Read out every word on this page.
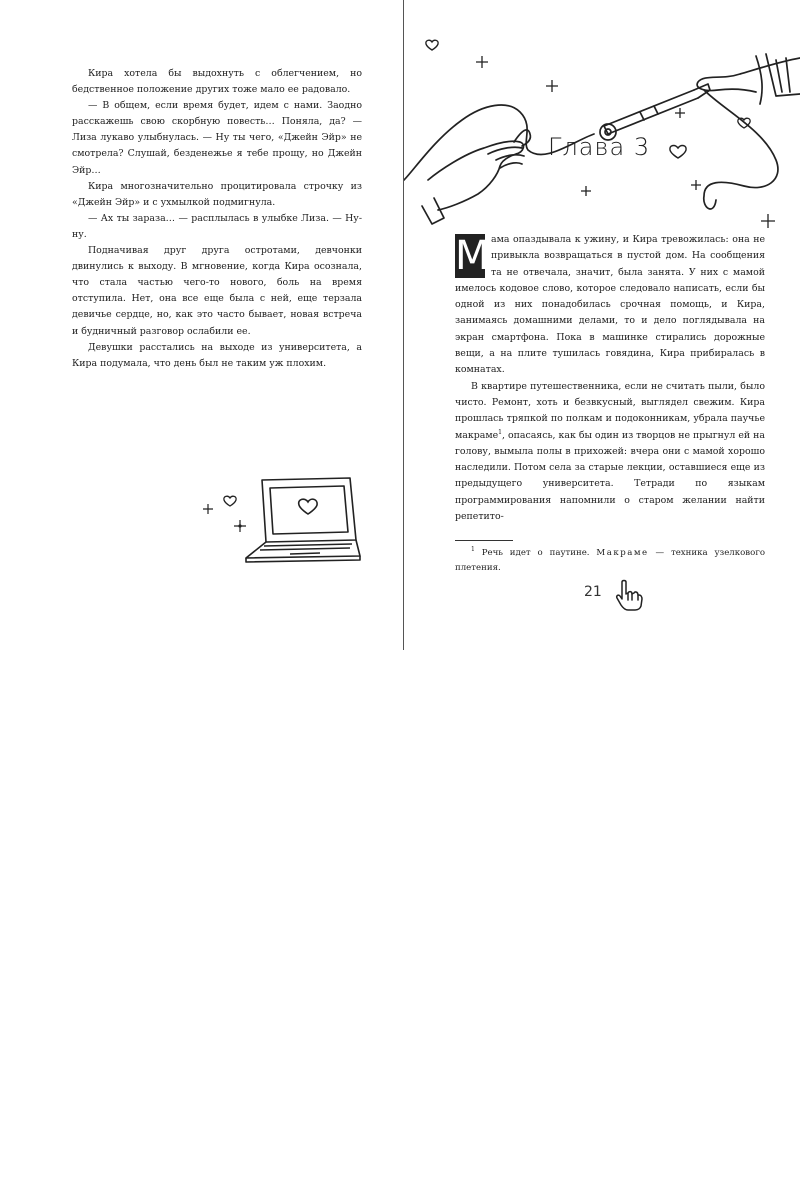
Кира хотела бы выдохнуть с облегчением, но бедственное положение других тоже мало ее радовало.

— В общем, если время будет, идем с нами. Заодно расскажешь свою скорбную повесть… Поняла, да? — Лиза лукаво улыбнулась. — Ну ты чего, «Джейн Эйр» не смотрела? Слушай, безденежье я тебе прощу, но Джейн Эйр…

Кира многозначительно процитировала строчку из «Джейн Эйр» и с ухмылкой подмигнула.

— Ах ты зараза… — расплылась в улыбке Лиза. — Ну-ну.

Подначивая друг друга остротами, девчонки двинулись к выходу. В мгновение, когда Кира осознала, что стала частью чего-то нового, боль на время отступила. Нет, она все еще была с ней, еще терзала девичье сердце, но, как это часто бывает, новая встреча и будничный разговор ослабили ее.

Девушки расстались на выходе из университета, а Кира подумала, что день был не таким уж плохим.

Глава 3

М ама опаздывала к ужину, и Кира тревожилась: она не привыкла возвращаться в пустой дом. На сообщения та не отвечала, значит, была занята. У них с мамой имелось кодовое слово, которое следовало написать, если бы одной из них понадобилась срочная помощь, и Кира, занимаясь домашними делами, то и дело поглядывала на экран смартфона. Пока в машинке стирались дорожные вещи, а на плите тушилась говядина, Кира прибиралась в комнатах.

В квартире путешественника, если не считать пыли, было чисто. Ремонт, хоть и безвкусный, выглядел свежим. Кира прошлась тряпкой по полкам и подоконникам, убрала паучье макраме$^1$, опасаясь, как бы один из творцов не прыгнул ей на голову, вымыла полы в прихожей: вчера они с мамой хорошо наследили. Потом села за старые лекции, оставшиеся еще из предыдущего университета. Тетради по языкам программирования напомнили о старом желании найти репетито-

$^1$ Речь идет о паутине. Макраме — техника узелкового плетения.
21
